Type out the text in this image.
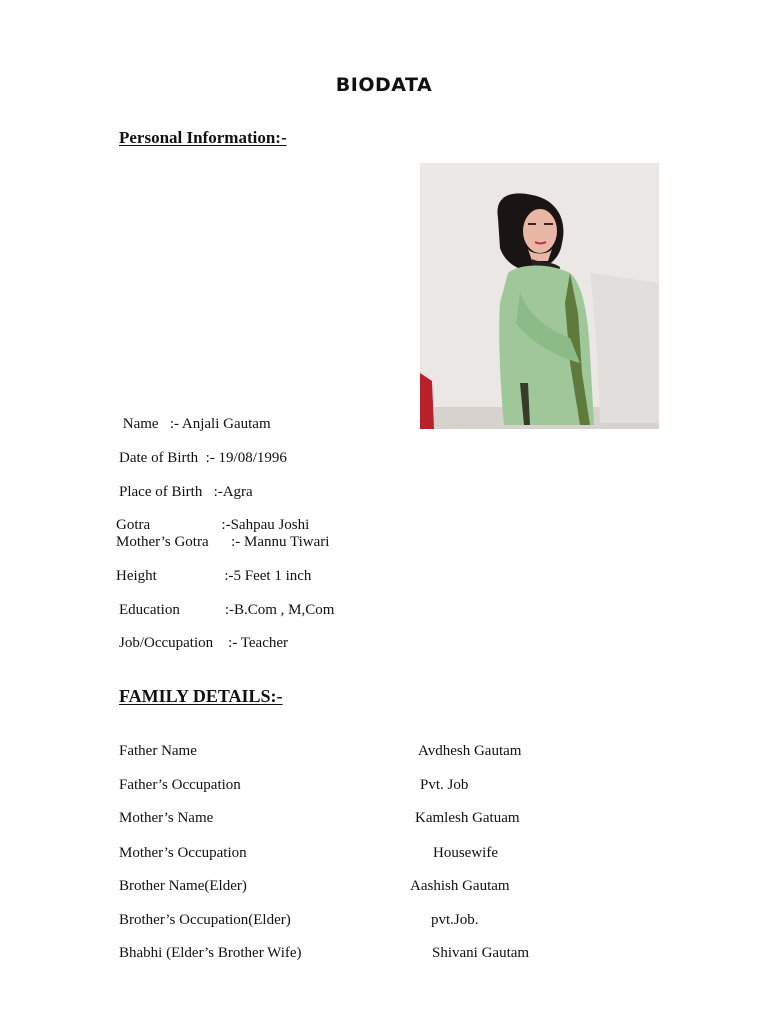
BIODATA
Personal Information:-
Name   :- Anjali Gautam
Date of Birth  :- 19/08/1996
Place of Birth   :-Agra
Gotra                   :-Sahpau Joshi
Mother’s Gotra      :- Mannu Tiwari
Height                  :-5 Feet 1 inch
Education            :-B.Com , M,Com
Job/Occupation    :- Teacher
FAMILY DETAILS:-
Father Name	Avdhesh Gautam
Father’s Occupation	Pvt. Job
Mother’s Name	Kamlesh Gatuam
Mother’s Occupation	Housewife
Brother Name(Elder)	Aashish Gautam
Brother’s Occupation(Elder)	pvt.Job.
Bhabhi (Elder’s Brother Wife)	Shivani Gautam
